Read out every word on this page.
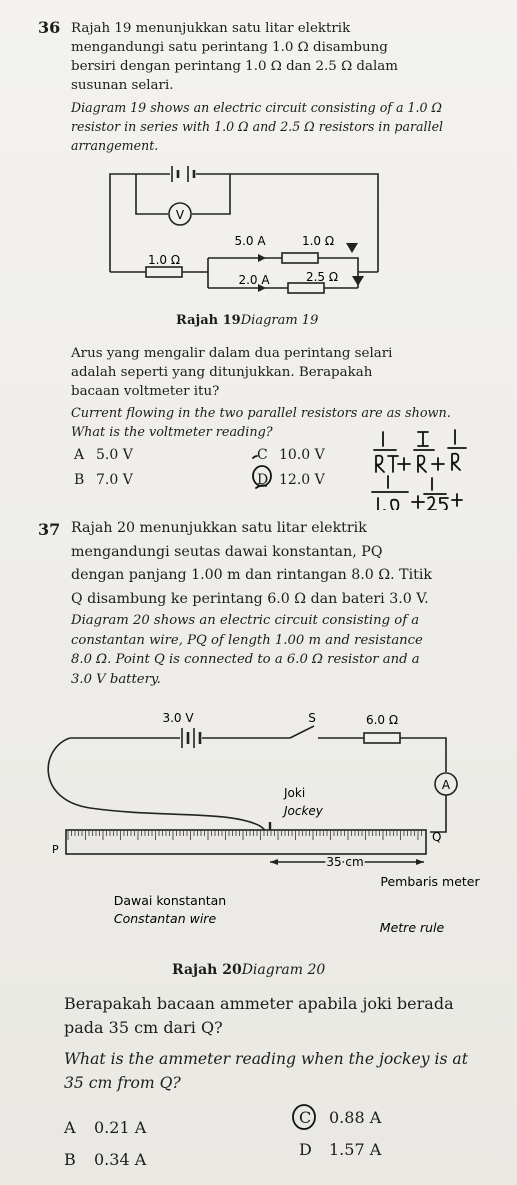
36 Rajah 19 menunjukkan satu litar elektrik
mengandungi satu perintang 1.0 Ω disambung
bersiri dengan perintang 1.0 Ω dan 2.5 Ω dalam
susunan selari.
Diagram 19 shows an electric circuit consisting of a 1.0 Ω
resistor in series with 1.0 Ω and 2.5 Ω resistors in parallel
arrangement.
V
1.0 Ω
5.0 A	1.0 Ω
2.0 A	2.5 Ω
Rajah 19Diagram 19
Arus yang mengalir dalam dua perintang selari
adalah seperti yang ditunjukkan. Berapakah
bacaan voltmeter itu?
Current flowing in the two parallel resistors are as shown.
What is the voltmeter reading?
A 5.0 V
B 7.0 V
C 10.0 V
D 12.0 V
37 Rajah 20 menunjukkan satu litar elektrik
mengandungi seutas dawai konstantan, PQ
dengan panjang 1.00 m dan rintangan 8.0 Ω. Titik
Q disambung ke perintang 6.0 Ω dan bateri 3.0 V.
Diagram 20 shows an electric circuit consisting of a
constantan wire, PQ of length 1.00 m and resistance
8.0 Ω. Point Q is connected to a 6.0 Ω resistor and a
3.0 V battery.
3.0 V	S	6.0 Ω
A
Joki
Jockey
P
Q
35 cm
Dawai konstantan
Constantan wire
Pembaris meter
Metre rule
Rajah 20Diagram 20
Berapakah bacaan ammeter apabila joki berada
pada 35 cm dari Q?
What is the ammeter reading when the jockey is at
35 cm from Q?
A 0.21 A
B 0.34 A
C 0.88 A
D 1.57 A
